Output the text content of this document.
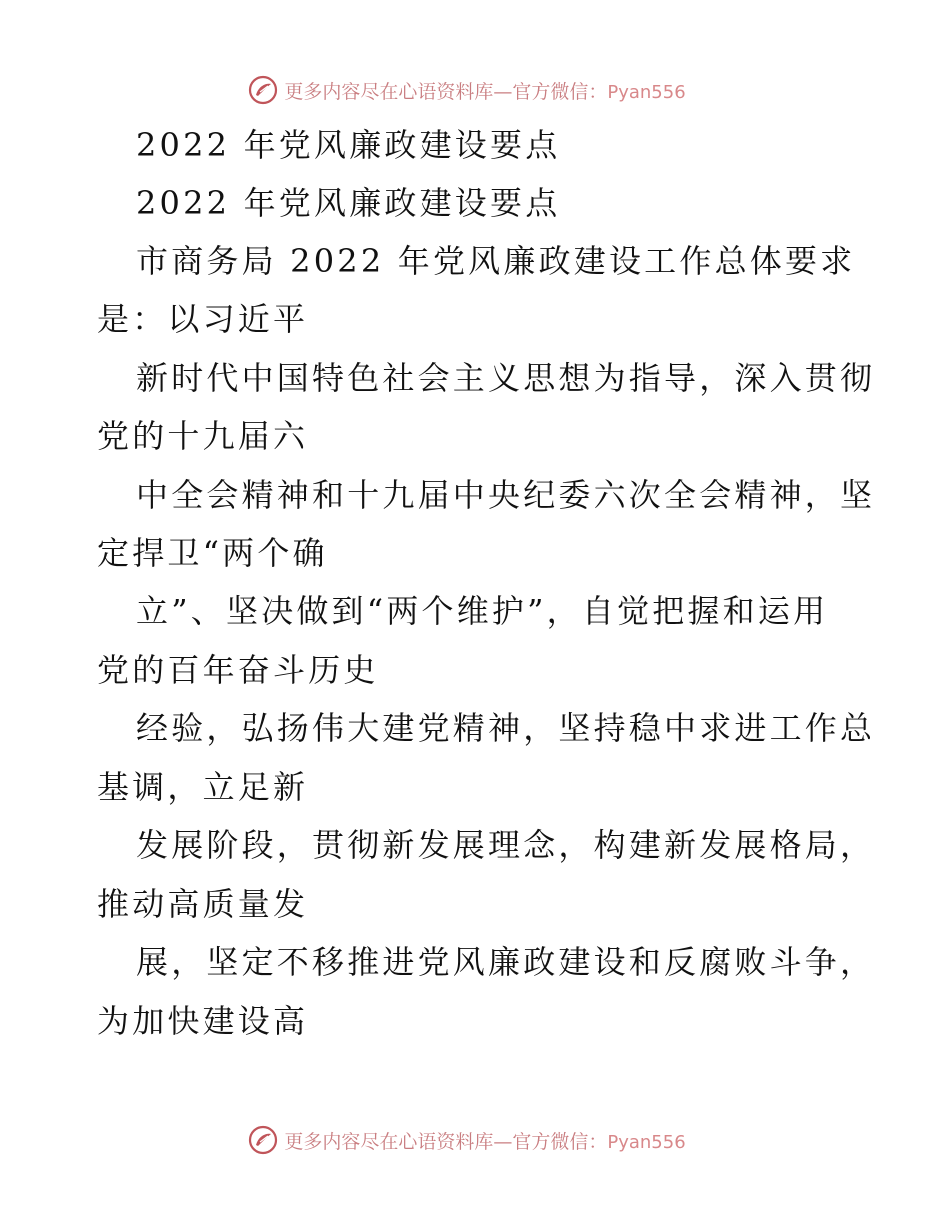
更多内容尽在心语资料库—官方微信：Pyan556
2022 年党风廉政建设要点
2022 年党风廉政建设要点
市商务局 2022 年党风廉政建设工作总体要求
是：以习近平
新时代中国特色社会主义思想为指导，深入贯彻
党的十九届六
中全会精神和十九届中央纪委六次全会精神，坚
定捍卫“两个确
立”、坚决做到“两个维护”，自觉把握和运用
党的百年奋斗历史
经验，弘扬伟大建党精神，坚持稳中求进工作总
基调，立足新
发展阶段，贯彻新发展理念，构建新发展格局，
推动高质量发
展，坚定不移推进党风廉政建设和反腐败斗争，
为加快建设高
更多内容尽在心语资料库—官方微信：Pyan556
